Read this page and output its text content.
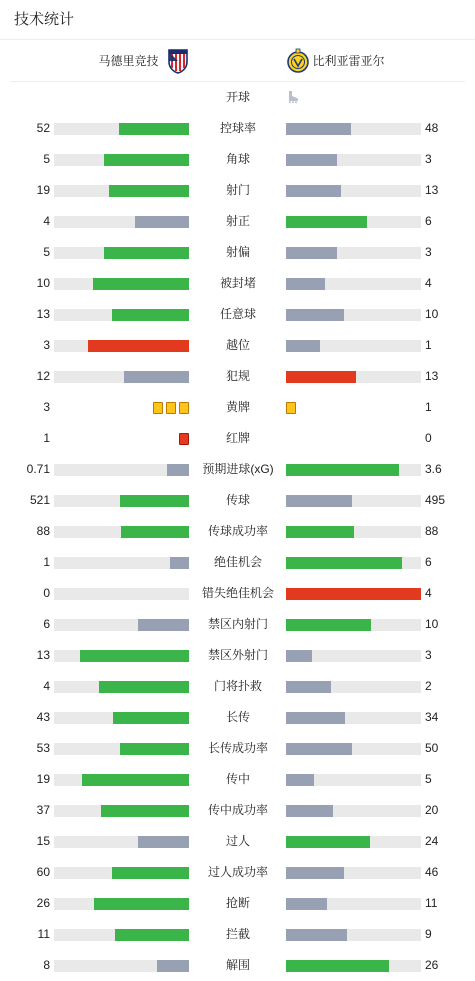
技术统计
马德里竞技	比利亚雷亚尔
开球
52	控球率	48
5	角球	3
19	射门	13
4	射正	6
5	射偏	3
10	被封堵	4
13	任意球	10
3	越位	1
12	犯规	13
3	黄牌	1
1	红牌	0
0.71	预期进球(xG)	3.6
521	传球	495
88	传球成功率	88
1	绝佳机会	6
0	错失绝佳机会	4
6	禁区内射门	10
13	禁区外射门	3
4	门将扑救	2
43	长传	34
53	长传成功率	50
19	传中	5
37	传中成功率	20
15	过人	24
60	过人成功率	46
26	抢断	11
11	拦截	9
8	解围	26
